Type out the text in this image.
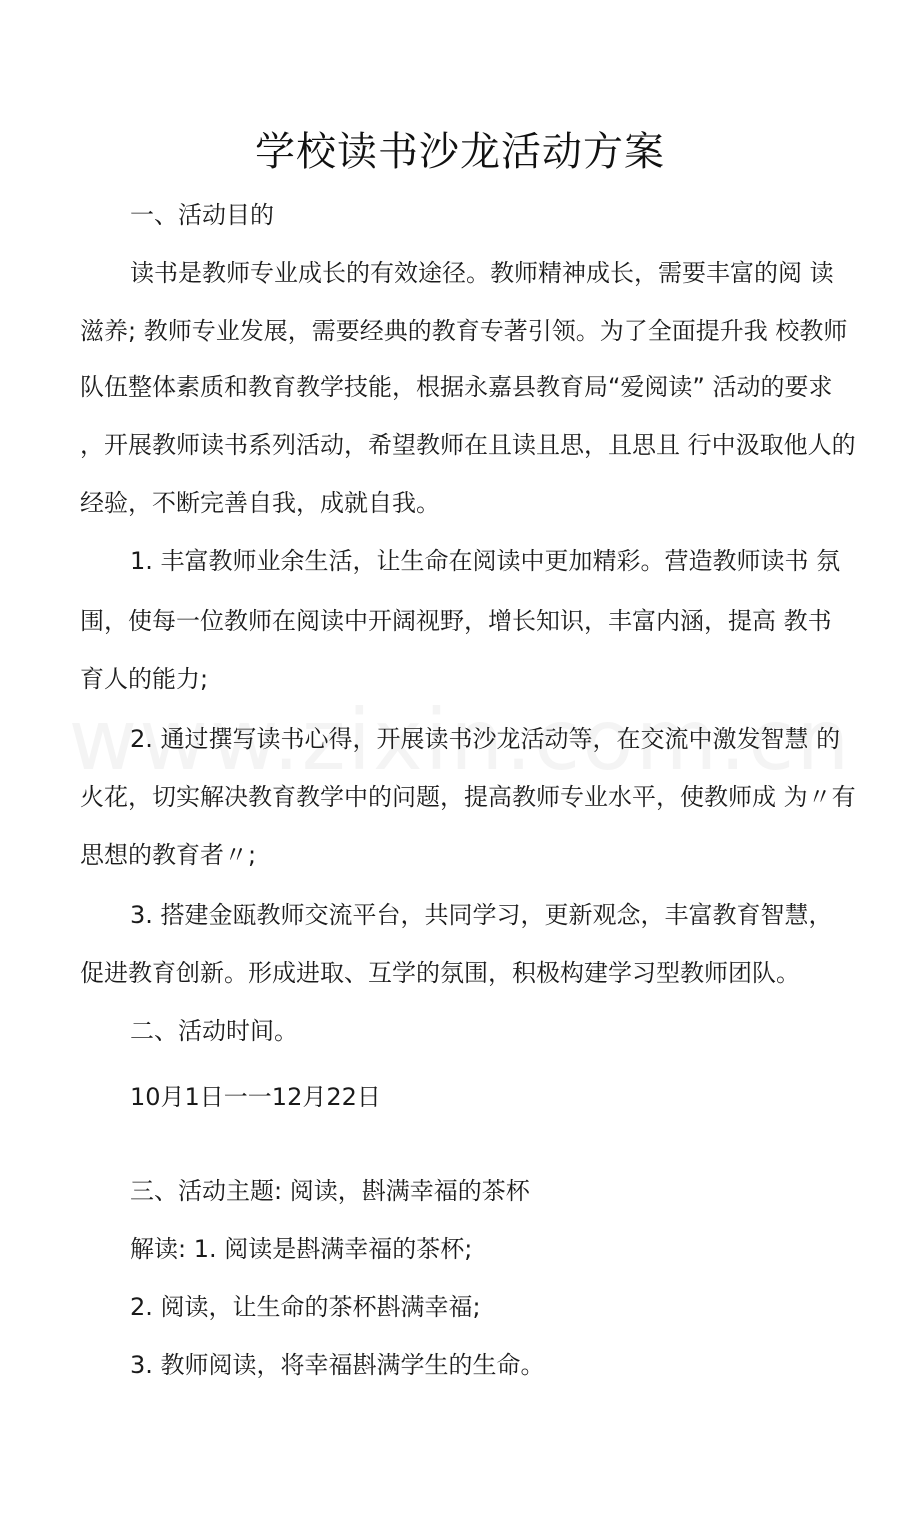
学校读书沙龙活动方案
一、活动目的
读书是教师专业成长的有效途径。教师精神成长，需要丰富的阅 读
滋养; 教师专业发展，需要经典的教育专著引领。为了全面提升我 校教师
队伍整体素质和教育教学技能，根据永嘉县教育局“爱阅读” 活动的要求
，开展教师读书系列活动，希望教师在且读且思，且思且 行中汲取他人的
经验，不断完善自我，成就自我。
1. 丰富教师业余生活，让生命在阅读中更加精彩。营造教师读书 氛
围，使每一位教师在阅读中开阔视野，增长知识，丰富内涵，提高 教书
育人的能力;
2. 通过撰写读书心得，开展读书沙龙活动等，在交流中激发智慧 的
火花，切实解决教育教学中的问题，提高教师专业水平，使教师成 为〃有
思想的教育者〃;
3. 搭建金瓯教师交流平台，共同学习，更新观念，丰富教育智慧，
促进教育创新。形成进取、互学的氛围，积极构建学习型教师团队。
二、活动时间。
10月1日一一12月22日
三、活动主题: 阅读，斟满幸福的茶杯
解读: 1. 阅读是斟满幸福的茶杯;
2. 阅读，让生命的茶杯斟满幸福;
3. 教师阅读，将幸福斟满学生的生命。
